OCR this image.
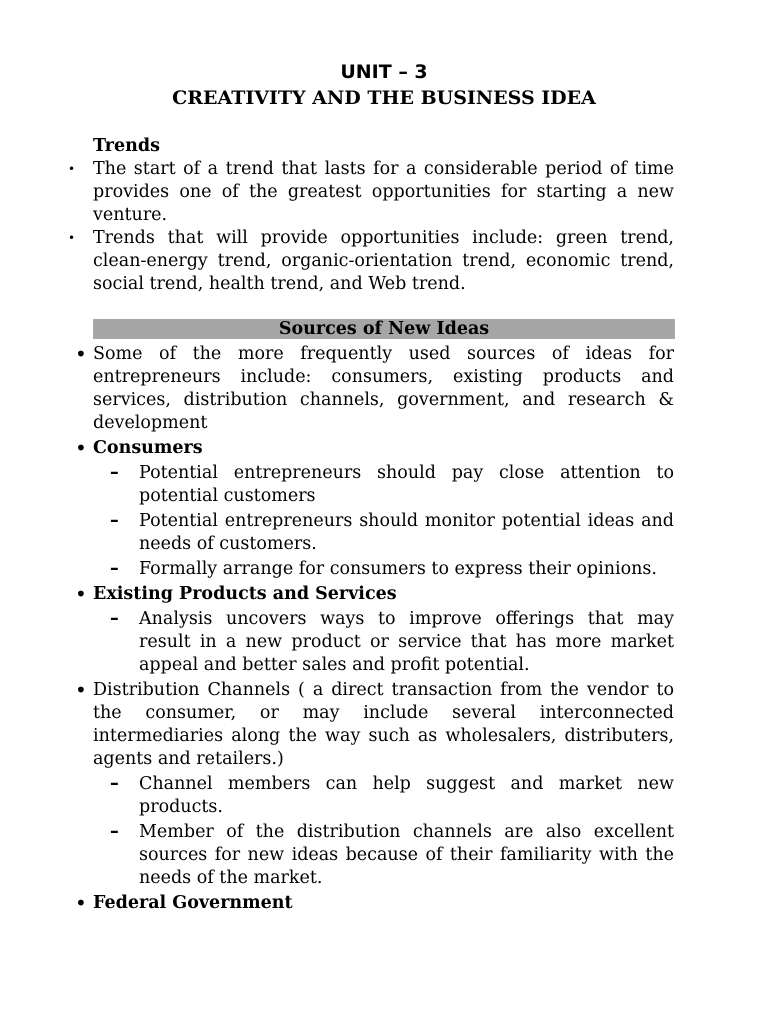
UNIT – 3
CREATIVITY AND THE BUSINESS IDEA
Trends
• The start of a trend that lasts for a considerable period of time provides one of the greatest opportunities for starting a new venture.
• Trends that will provide opportunities include: green trend, clean-energy trend, organic-orientation trend, economic trend, social trend, health trend, and Web trend.
Sources of New Ideas
• Some of the more frequently used sources of ideas for entrepreneurs include: consumers, existing products and services, distribution channels, government, and research & development
• Consumers
– Potential entrepreneurs should pay close attention to potential customers
– Potential entrepreneurs should monitor potential ideas and needs of customers.
– Formally arrange for consumers to express their opinions.
• Existing Products and Services
– Analysis uncovers ways to improve offerings that may result in a new product or service that has more market appeal and better sales and profit potential.
• Distribution Channels ( a direct transaction from the vendor to the consumer, or may include several interconnected intermediaries along the way such as wholesalers, distributers, agents and retailers.)
– Channel members can help suggest and market new products.
– Member of the distribution channels are also excellent sources for new ideas because of their familiarity with the needs of the market.
• Federal Government
